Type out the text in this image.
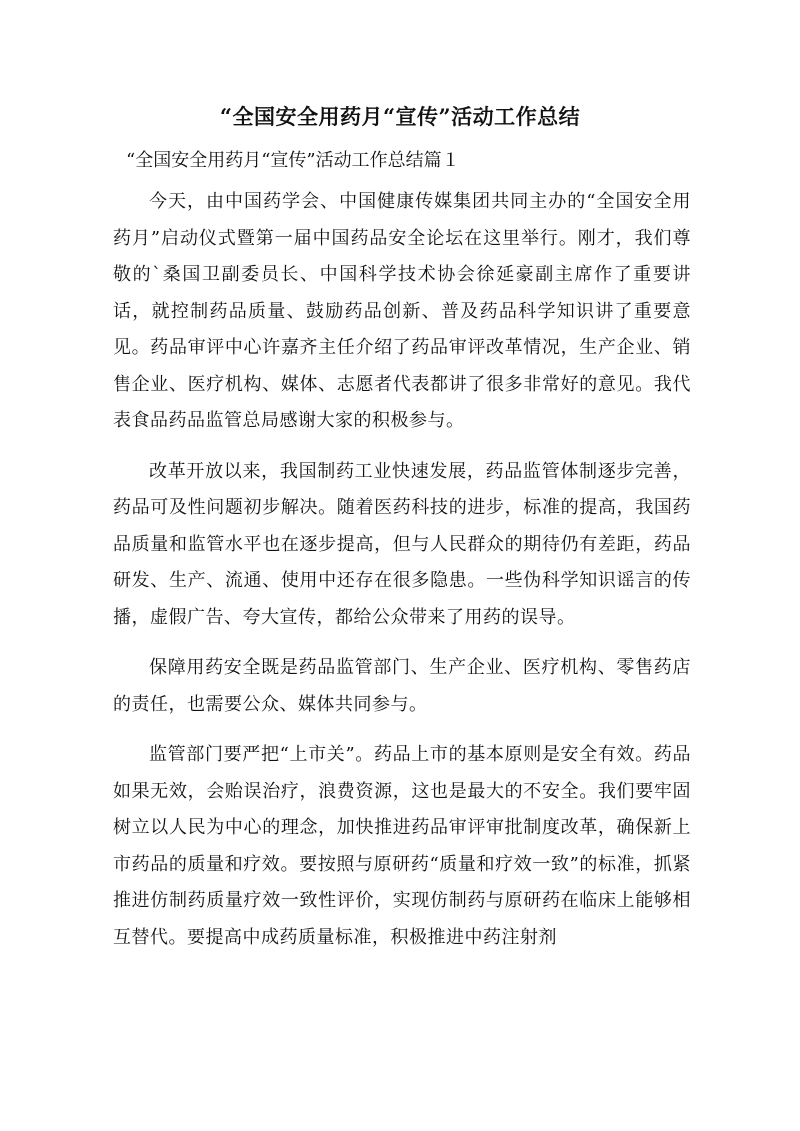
“全国安全用药月“宣传”活动工作总结
“全国安全用药月“宣传”活动工作总结篇１

今天，由中国药学会、中国健康传媒集团共同主办的“全国安全用药月”启动仪式暨第一届中国药品安全论坛在这里举行。刚才，我们尊敬的`桑国卫副委员长、中国科学技术协会徐延豪副主席作了重要讲话，就控制药品质量、鼓励药品创新、普及药品科学知识讲了重要意见。药品审评中心许嘉齐主任介绍了药品审评改革情况，生产企业、销售企业、医疗机构、媒体、志愿者代表都讲了很多非常好的意见。我代表食品药品监管总局感谢大家的积极参与。

改革开放以来，我国制药工业快速发展，药品监管体制逐步完善，药品可及性问题初步解决。随着医药科技的进步，标准的提高，我国药品质量和监管水平也在逐步提高，但与人民群众的期待仍有差距，药品研发、生产、流通、使用中还存在很多隐患。一些伪科学知识谣言的传播，虚假广告、夸大宣传，都给公众带来了用药的误导。

保障用药安全既是药品监管部门、生产企业、医疗机构、零售药店的责任，也需要公众、媒体共同参与。

监管部门要严把“上市关”。药品上市的基本原则是安全有效。药品如果无效，会贻误治疗，浪费资源，这也是最大的不安全。我们要牢固树立以人民为中心的理念，加快推进药品审评审批制度改革，确保新上市药品的质量和疗效。要按照与原研药“质量和疗效一致”的标准，抓紧推进仿制药质量疗效一致性评价，实现仿制药与原研药在临床上能够相互替代。要提高中成药质量标准，积极推进中药注射剂
